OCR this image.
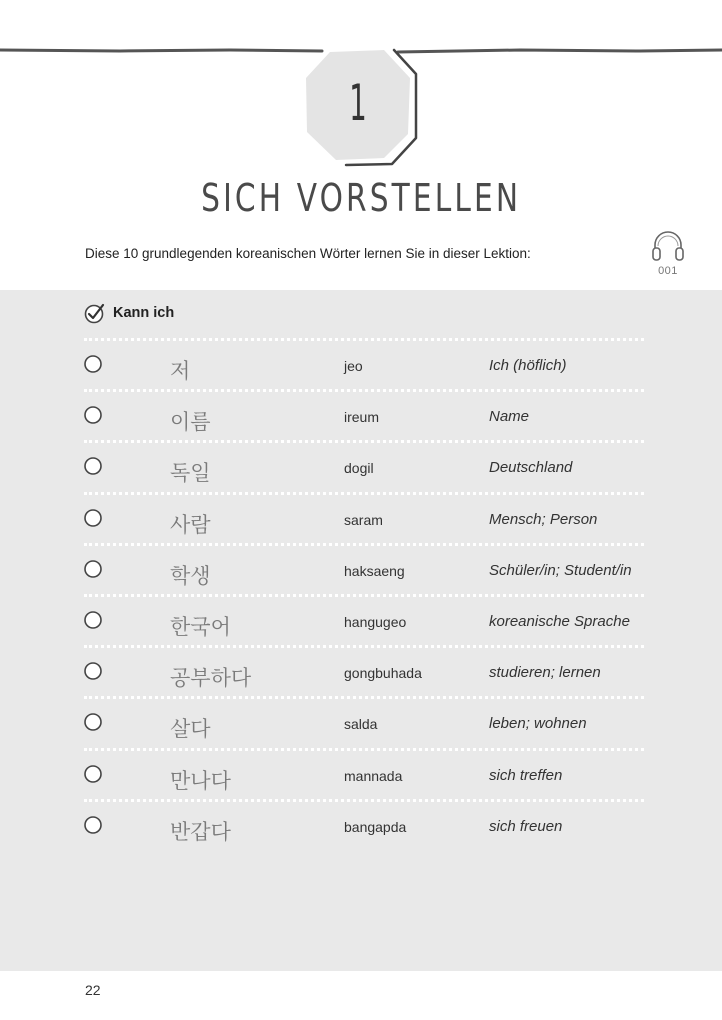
1
SICH VORSTELLEN
Diese 10 grundlegenden koreanischen Wörter lernen Sie in dieser Lektion:
001
Kann ich
저	jeo	Ich (höflich)
이름	ireum	Name
독일	dogil	Deutschland
사람	saram	Mensch; Person
학생	haksaeng	Schüler/in; Student/in
한국어	hangugeo	koreanische Sprache
공부하다	gongbuhada	studieren; lernen
살다	salda	leben; wohnen
만나다	mannada	sich treffen
반갑다	bangapda	sich freuen
22
